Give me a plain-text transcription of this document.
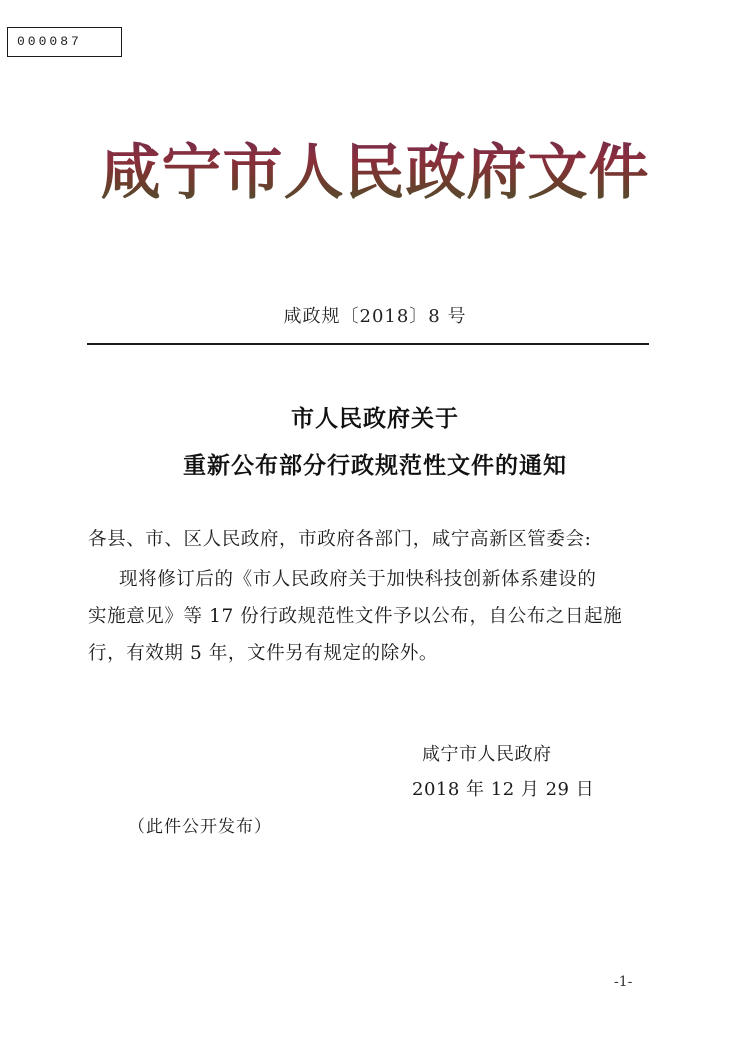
000087
咸宁市人民政府文件
咸政规〔2018〕8 号
市人民政府关于
重新公布部分行政规范性文件的通知
各县、市、区人民政府，市政府各部门，咸宁高新区管委会:
现将修订后的《市人民政府关于加快科技创新体系建设的
实施意见》等 17 份行政规范性文件予以公布，自公布之日起施
行，有效期 5 年，文件另有规定的除外。
咸宁市人民政府
2018 年 12 月 29 日
（此件公开发布）
-1-
